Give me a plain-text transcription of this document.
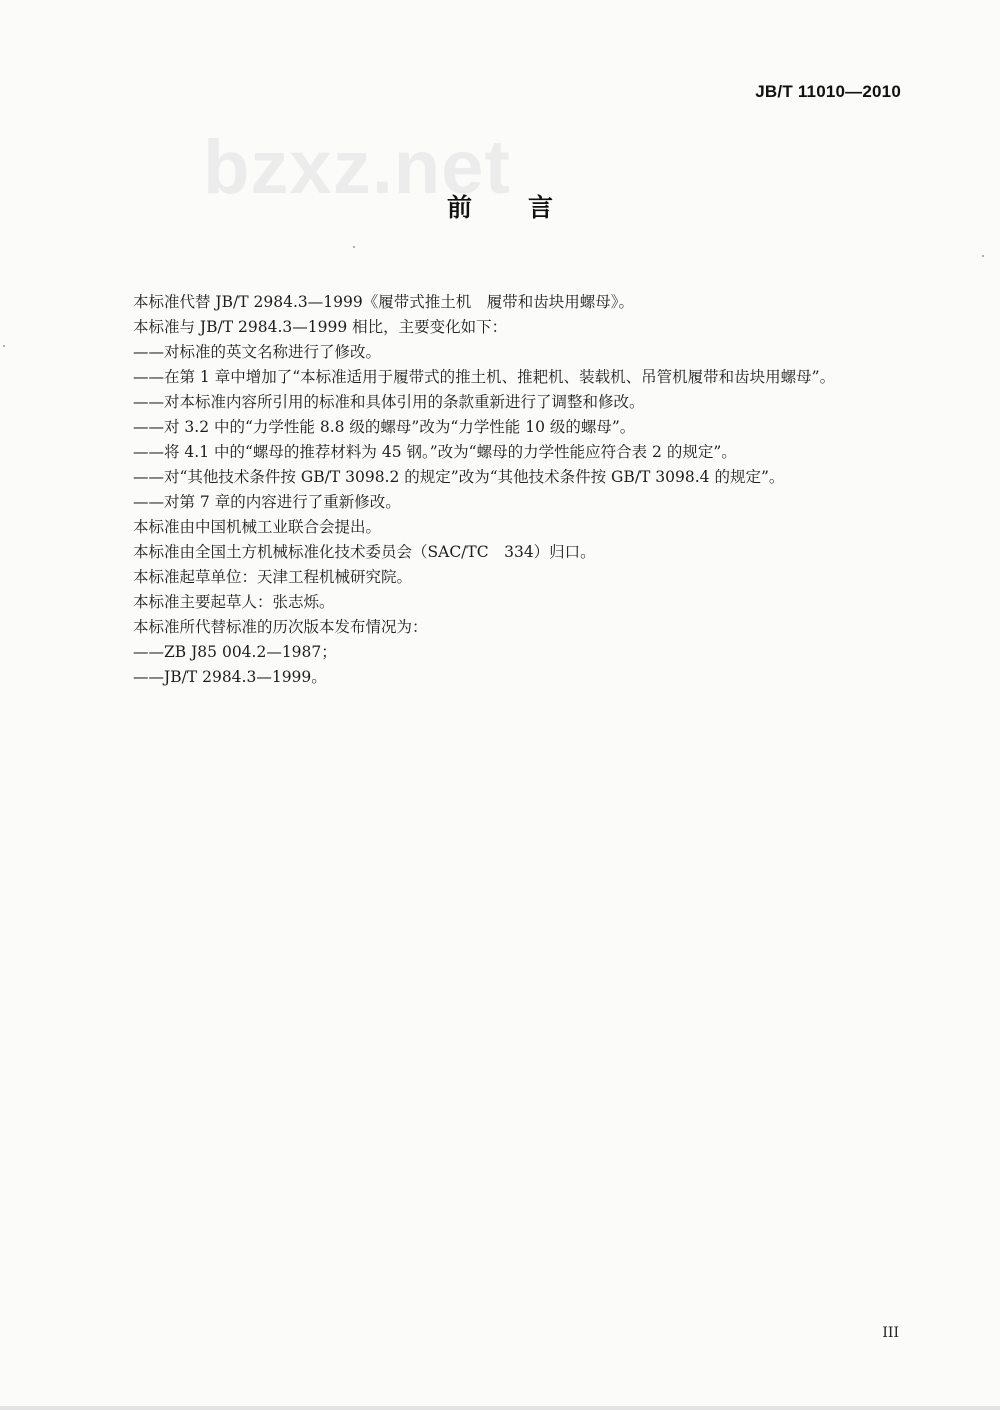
JB/T 11010—2010
bzxz.net
前言
本标准代替 JB/T 2984.3—1999《履带式推土机　履带和齿块用螺母》。
本标准与 JB/T 2984.3—1999 相比，主要变化如下：
——对标准的英文名称进行了修改。
——在第 1 章中增加了“本标准适用于履带式的推土机、推耙机、装载机、吊管机履带和齿块用螺母”。
——对本标准内容所引用的标准和具体引用的条款重新进行了调整和修改。
——对 3.2 中的“力学性能 8.8 级的螺母”改为“力学性能 10 级的螺母”。
——将 4.1 中的“螺母的推荐材料为 45 钢。”改为“螺母的力学性能应符合表 2 的规定”。
——对“其他技术条件按 GB/T 3098.2 的规定”改为“其他技术条件按 GB/T 3098.4 的规定”。
——对第 7 章的内容进行了重新修改。
本标准由中国机械工业联合会提出。
本标准由全国土方机械标准化技术委员会（SAC/TC　334）归口。
本标准起草单位：天津工程机械研究院。
本标准主要起草人：张志烁。
本标准所代替标准的历次版本发布情况为：
——ZB J85 004.2—1987；
——JB/T 2984.3—1999。
III
